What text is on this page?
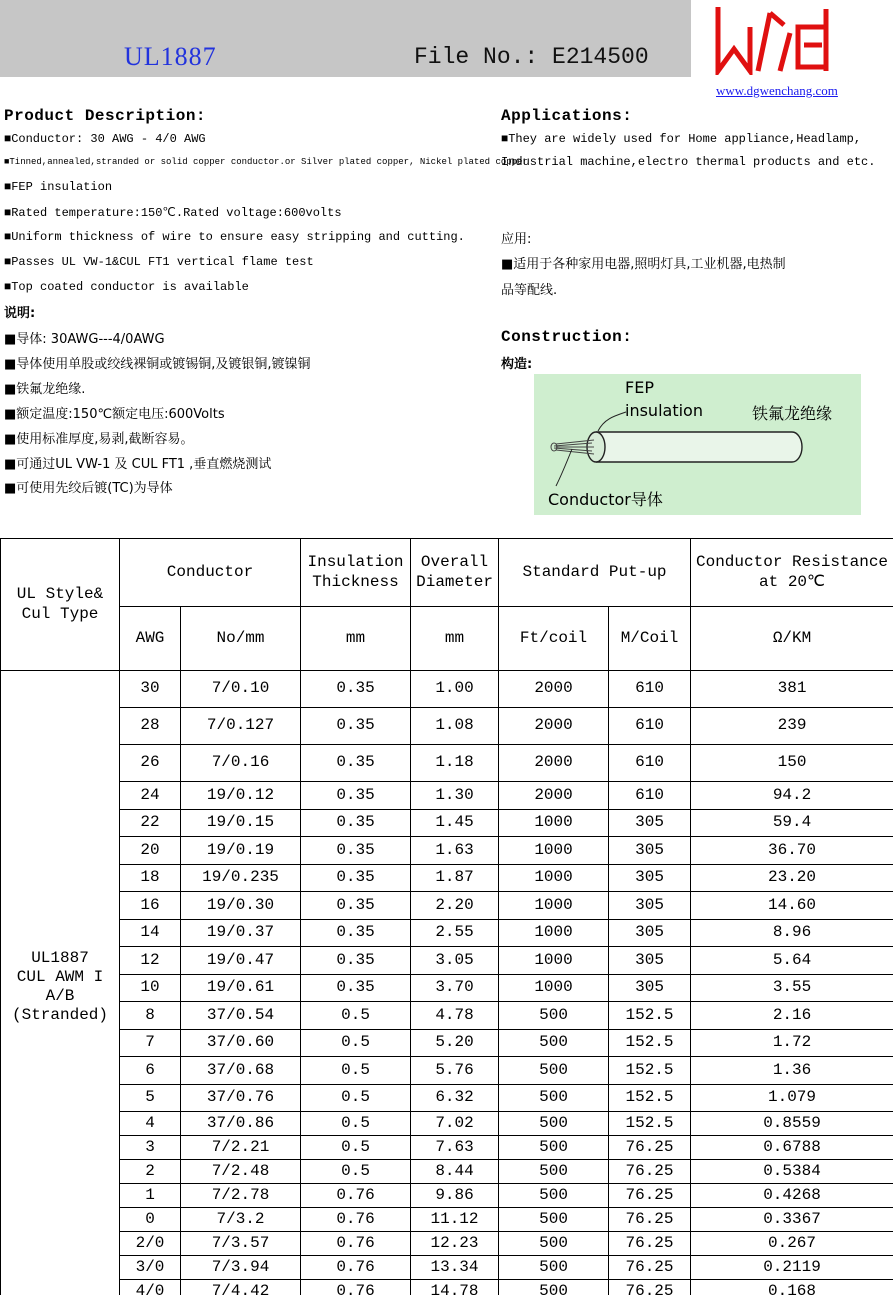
UL1887	File No.: E214500
www.dgwenchang.com
Product Description:
■Conductor: 30 AWG - 4/0 AWG
■Tinned,annealed,stranded or solid copper conductor.or Silver plated copper, Nickel plated copper
■FEP insulation
■Rated temperature:150℃.Rated voltage:600volts
■Uniform thickness of wire to ensure easy stripping and cutting.
■Passes UL VW-1&CUL FT1 vertical flame test
■Top coated conductor is available
说明:
■导体: 30AWG---4/0AWG
■导体使用单股或绞线裸铜或镀锡铜,及镀银铜,镀镍铜
■铁氟龙绝缘.
■额定温度:150℃额定电压:600Volts
■使用标准厚度,易剥,截断容易。
■可通过UL VW-1 及 CUL FT1 ,垂直燃烧测试
■可使用先绞后镀(TC)为导体
Applications:
■They are widely used for Home appliance,Headlamp,
Industrial machine,electro thermal products and etc.
应用:
■适用于各种家用电器,照明灯具,工业机器,电热制
品等配线.
Construction:
构造:
FEP
insulation	铁氟龙绝缘
Conductor导体
UL Style& Cul Type	Conductor		Insulation Thickness	Overall Diameter	Standard Put-up		Conductor Resistance at 20℃
	AWG	No/mm	mm	mm	Ft/coil	M/Coil	Ω/KM

UL1887
CUL AWM I
A/B
(Stranded)	30	7/0.10	0.35	1.00	2000	610	381
	28	7/0.127	0.35	1.08	2000	610	239
	26	7/0.16	0.35	1.18	2000	610	150
	24	19/0.12	0.35	1.30	2000	610	94.2
	22	19/0.15	0.35	1.45	1000	305	59.4
	20	19/0.19	0.35	1.63	1000	305	36.70
	18	19/0.235	0.35	1.87	1000	305	23.20
	16	19/0.30	0.35	2.20	1000	305	14.60
	14	19/0.37	0.35	2.55	1000	305	8.96
	12	19/0.47	0.35	3.05	1000	305	5.64
	10	19/0.61	0.35	3.70	1000	305	3.55
	8	37/0.54	0.5	4.78	500	152.5	2.16
	7	37/0.60	0.5	5.20	500	152.5	1.72
	6	37/0.68	0.5	5.76	500	152.5	1.36
	5	37/0.76	0.5	6.32	500	152.5	1.079
	4	37/0.86	0.5	7.02	500	152.5	0.8559
	3	7/2.21	0.5	7.63	500	76.25	0.6788
	2	7/2.48	0.5	8.44	500	76.25	0.5384
	1	7/2.78	0.76	9.86	500	76.25	0.4268
	0	7/3.2	0.76	11.12	500	76.25	0.3367
	2/0	7/3.57	0.76	12.23	500	76.25	0.267
	3/0	7/3.94	0.76	13.34	500	76.25	0.2119
	4/0	7/4.42	0.76	14.78	500	76.25	0.168
